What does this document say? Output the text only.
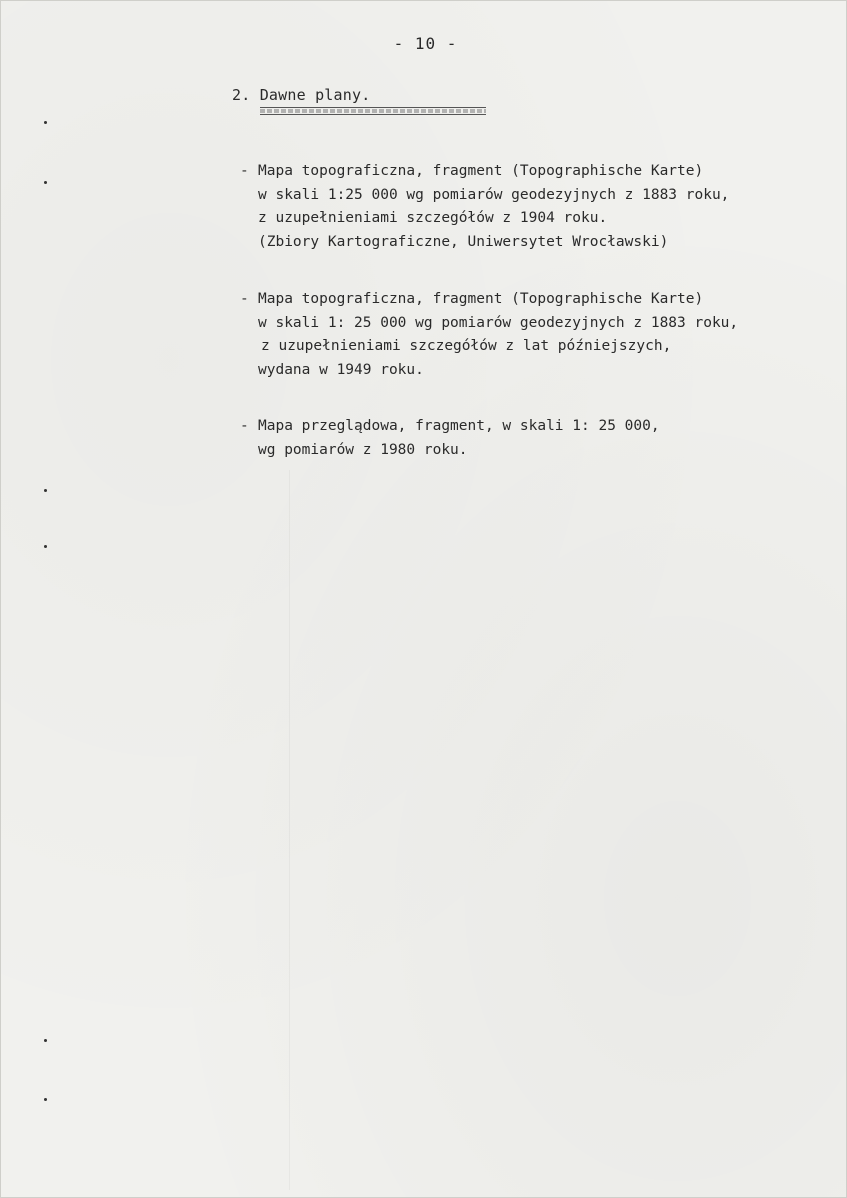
- 10 -
2. Dawne plany.
- Mapa topograficzna, fragment (Topographische Karte)
w skali 1:25 000 wg pomiarów geodezyjnych z 1883 roku,
z uzupełnieniami szczegółów z 1904 roku.
(Zbiory Kartograficzne, Uniwersytet Wrocławski)
- Mapa topograficzna, fragment (Topographische Karte)
w skali 1: 25 000 wg pomiarów geodezyjnych z 1883 roku,
z uzupełnieniami szczegółów z lat późniejszych,
wydana w 1949 roku.
- Mapa przeglądowa, fragment, w skali 1: 25 000,
wg pomiarów z 1980 roku.
